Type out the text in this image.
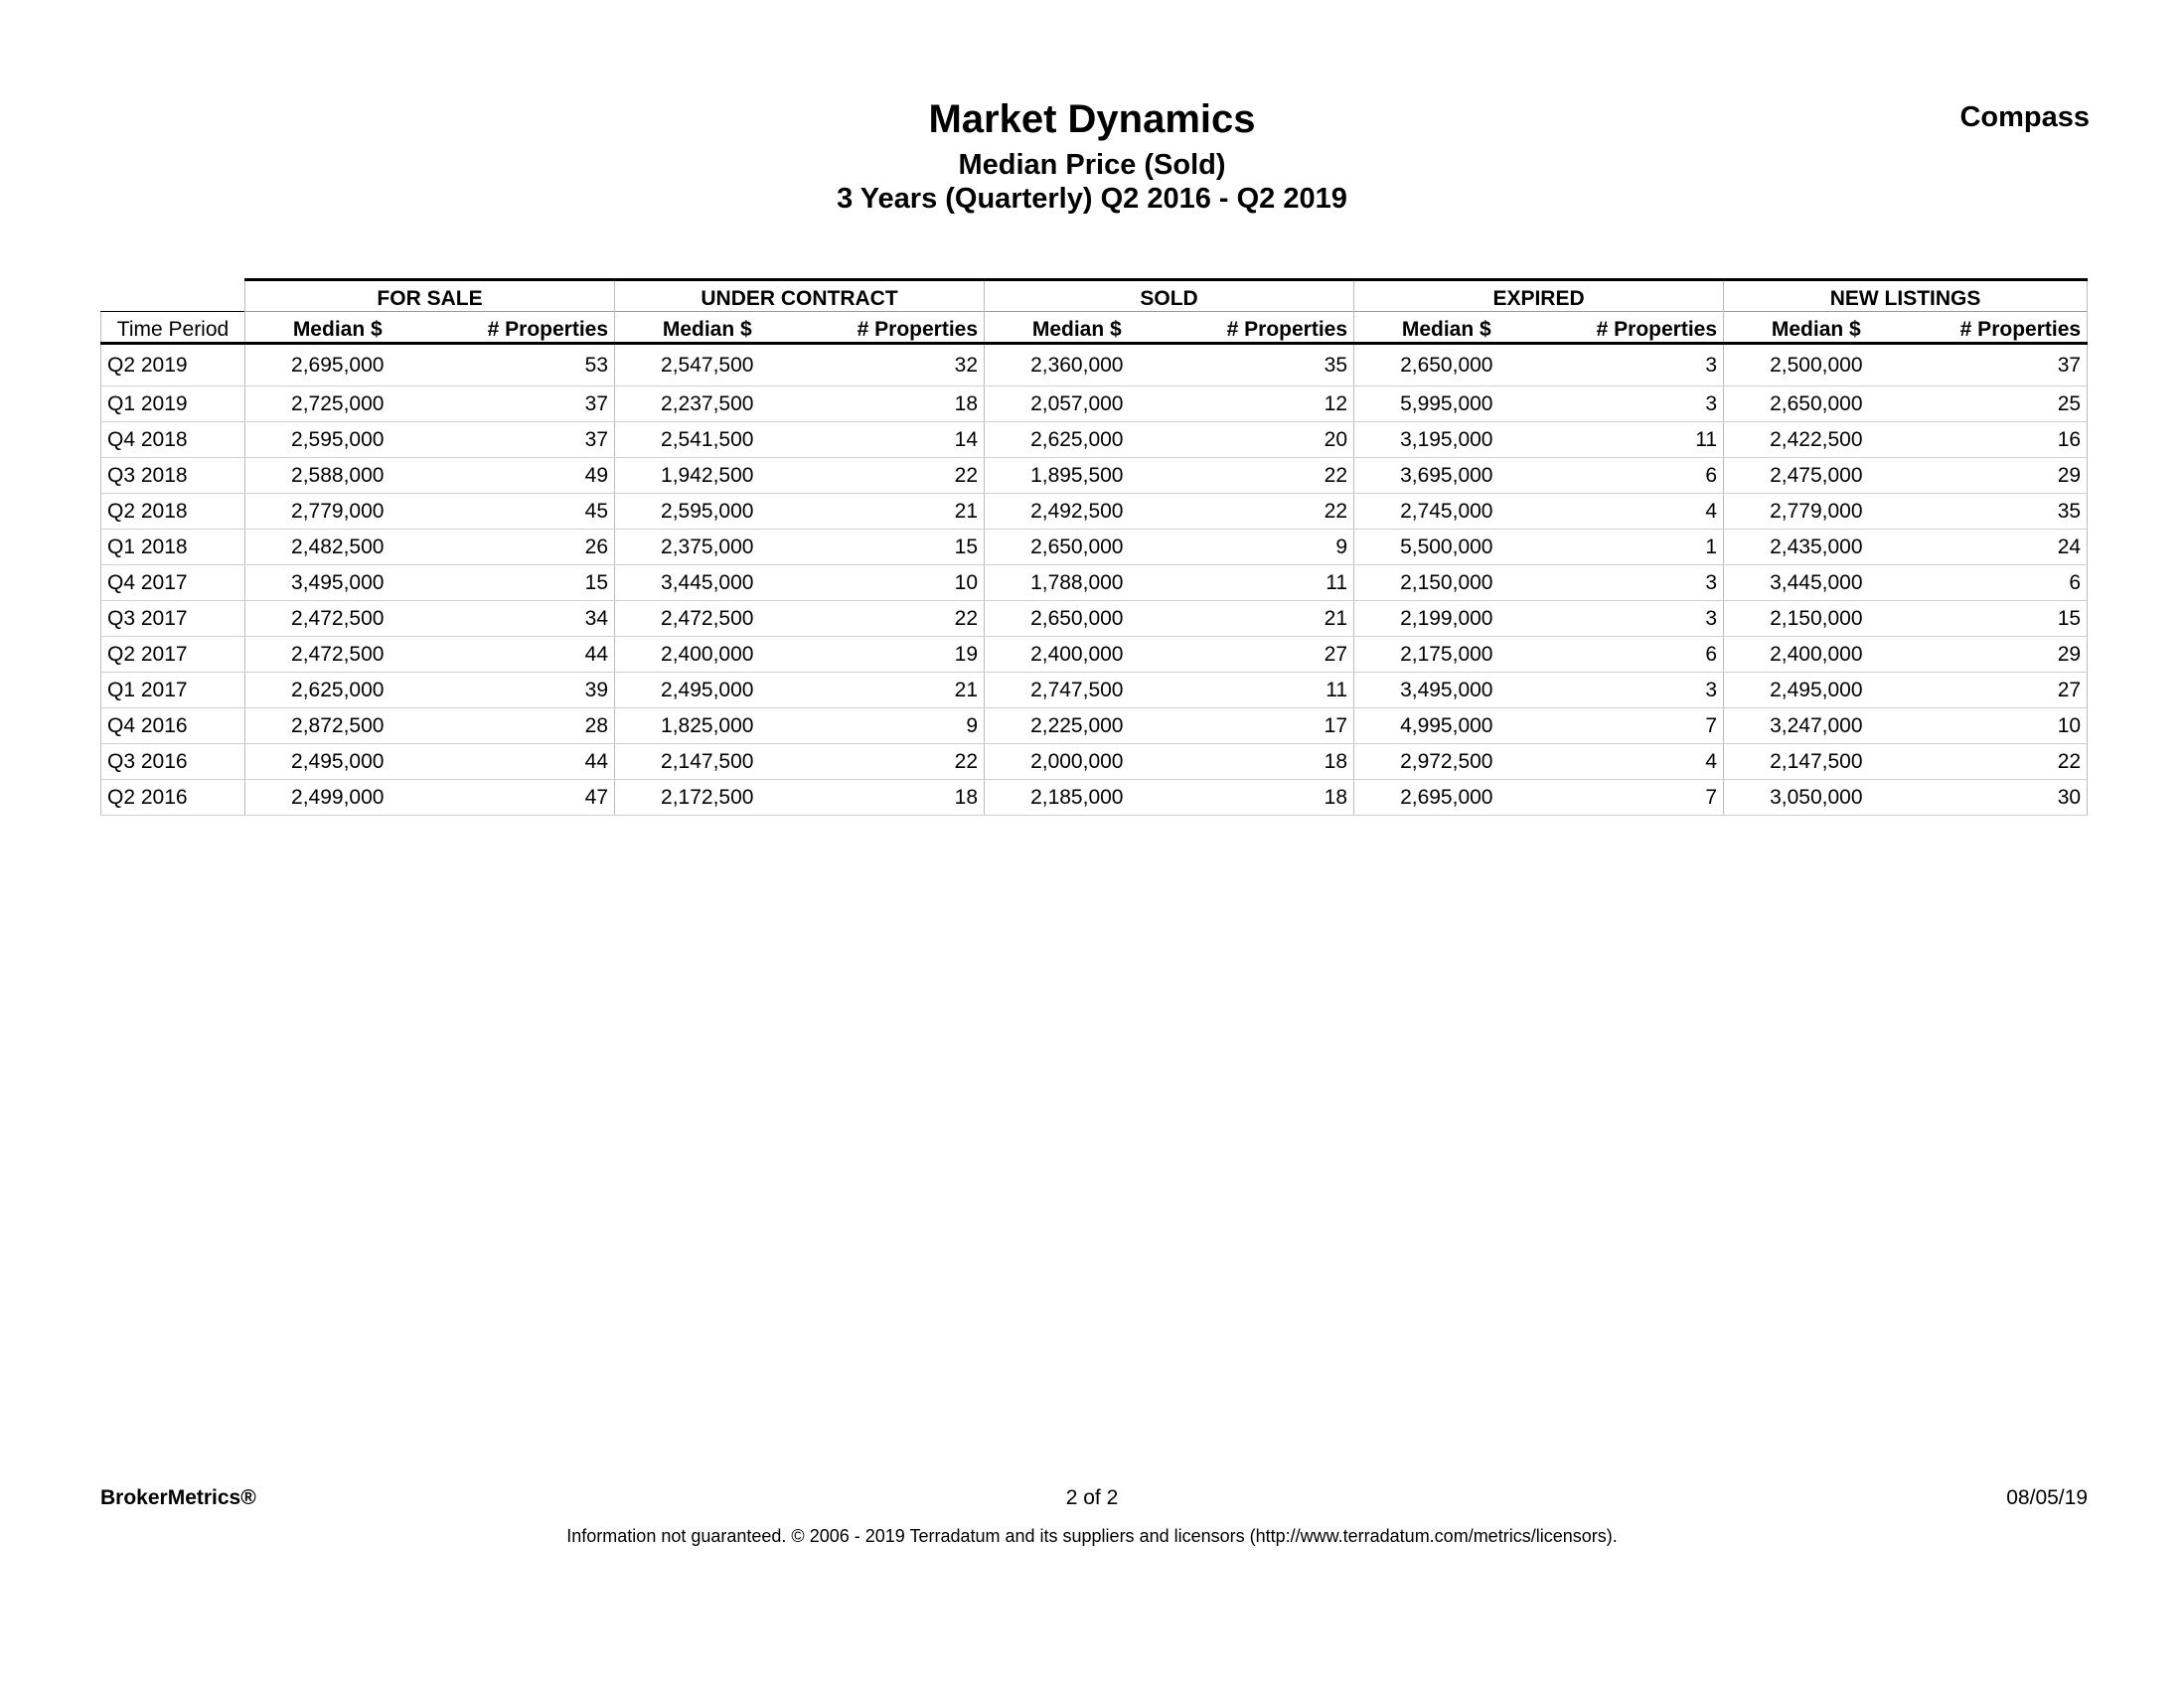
Market Dynamics
Median Price (Sold)
3 Years (Quarterly) Q2 2016 - Q2 2019
Compass
	FOR SALE		UNDER CONTRACT		SOLD		EXPIRED		NEW LISTINGS	
Time Period	Median $	# Properties	Median $	# Properties	Median $	# Properties	Median $	# Properties	Median $	# Properties
Q2 2019	2,695,000	53	2,547,500	32	2,360,000	35	2,650,000	3	2,500,000	37
Q1 2019	2,725,000	37	2,237,500	18	2,057,000	12	5,995,000	3	2,650,000	25
Q4 2018	2,595,000	37	2,541,500	14	2,625,000	20	3,195,000	11	2,422,500	16
Q3 2018	2,588,000	49	1,942,500	22	1,895,500	22	3,695,000	6	2,475,000	29
Q2 2018	2,779,000	45	2,595,000	21	2,492,500	22	2,745,000	4	2,779,000	35
Q1 2018	2,482,500	26	2,375,000	15	2,650,000	9	5,500,000	1	2,435,000	24
Q4 2017	3,495,000	15	3,445,000	10	1,788,000	11	2,150,000	3	3,445,000	6
Q3 2017	2,472,500	34	2,472,500	22	2,650,000	21	2,199,000	3	2,150,000	15
Q2 2017	2,472,500	44	2,400,000	19	2,400,000	27	2,175,000	6	2,400,000	29
Q1 2017	2,625,000	39	2,495,000	21	2,747,500	11	3,495,000	3	2,495,000	27
Q4 2016	2,872,500	28	1,825,000	9	2,225,000	17	4,995,000	7	3,247,000	10
Q3 2016	2,495,000	44	2,147,500	22	2,000,000	18	2,972,500	4	2,147,500	22
Q2 2016	2,499,000	47	2,172,500	18	2,185,000	18	2,695,000	7	3,050,000	30
BrokerMetrics®	2 of 2	08/05/19
Information not guaranteed. © 2006 - 2019 Terradatum and its suppliers and licensors (http://www.terradatum.com/metrics/licensors).
